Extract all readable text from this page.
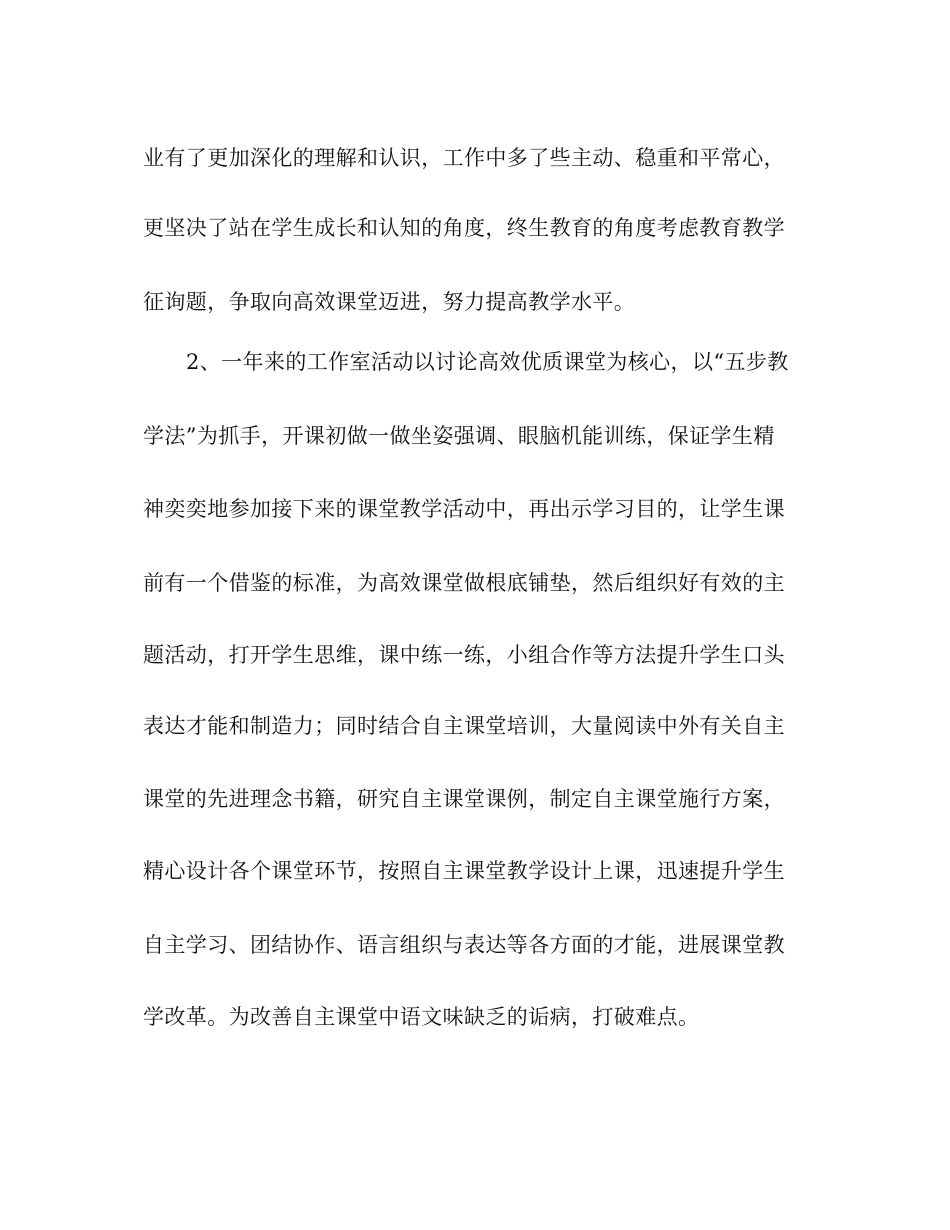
业有了更加深化的理解和认识，工作中多了些主动、稳重和平常心，
更坚决了站在学生成长和认知的角度，终生教育的角度考虑教育教学
征询题，争取向高效课堂迈进，努力提高教学水平。
2、一年来的工作室活动以讨论高效优质课堂为核心，以“五步教
学法”为抓手，开课初做一做坐姿强调、眼脑机能训练，保证学生精
神奕奕地参加接下来的课堂教学活动中，再出示学习目的，让学生课
前有一个借鉴的标准，为高效课堂做根底铺垫，然后组织好有效的主
题活动，打开学生思维，课中练一练，小组合作等方法提升学生口头
表达才能和制造力；同时结合自主课堂培训，大量阅读中外有关自主
课堂的先进理念书籍，研究自主课堂课例，制定自主课堂施行方案，
精心设计各个课堂环节，按照自主课堂教学设计上课，迅速提升学生
自主学习、团结协作、语言组织与表达等各方面的才能，进展课堂教
学改革。为改善自主课堂中语文味缺乏的诟病，打破难点。
